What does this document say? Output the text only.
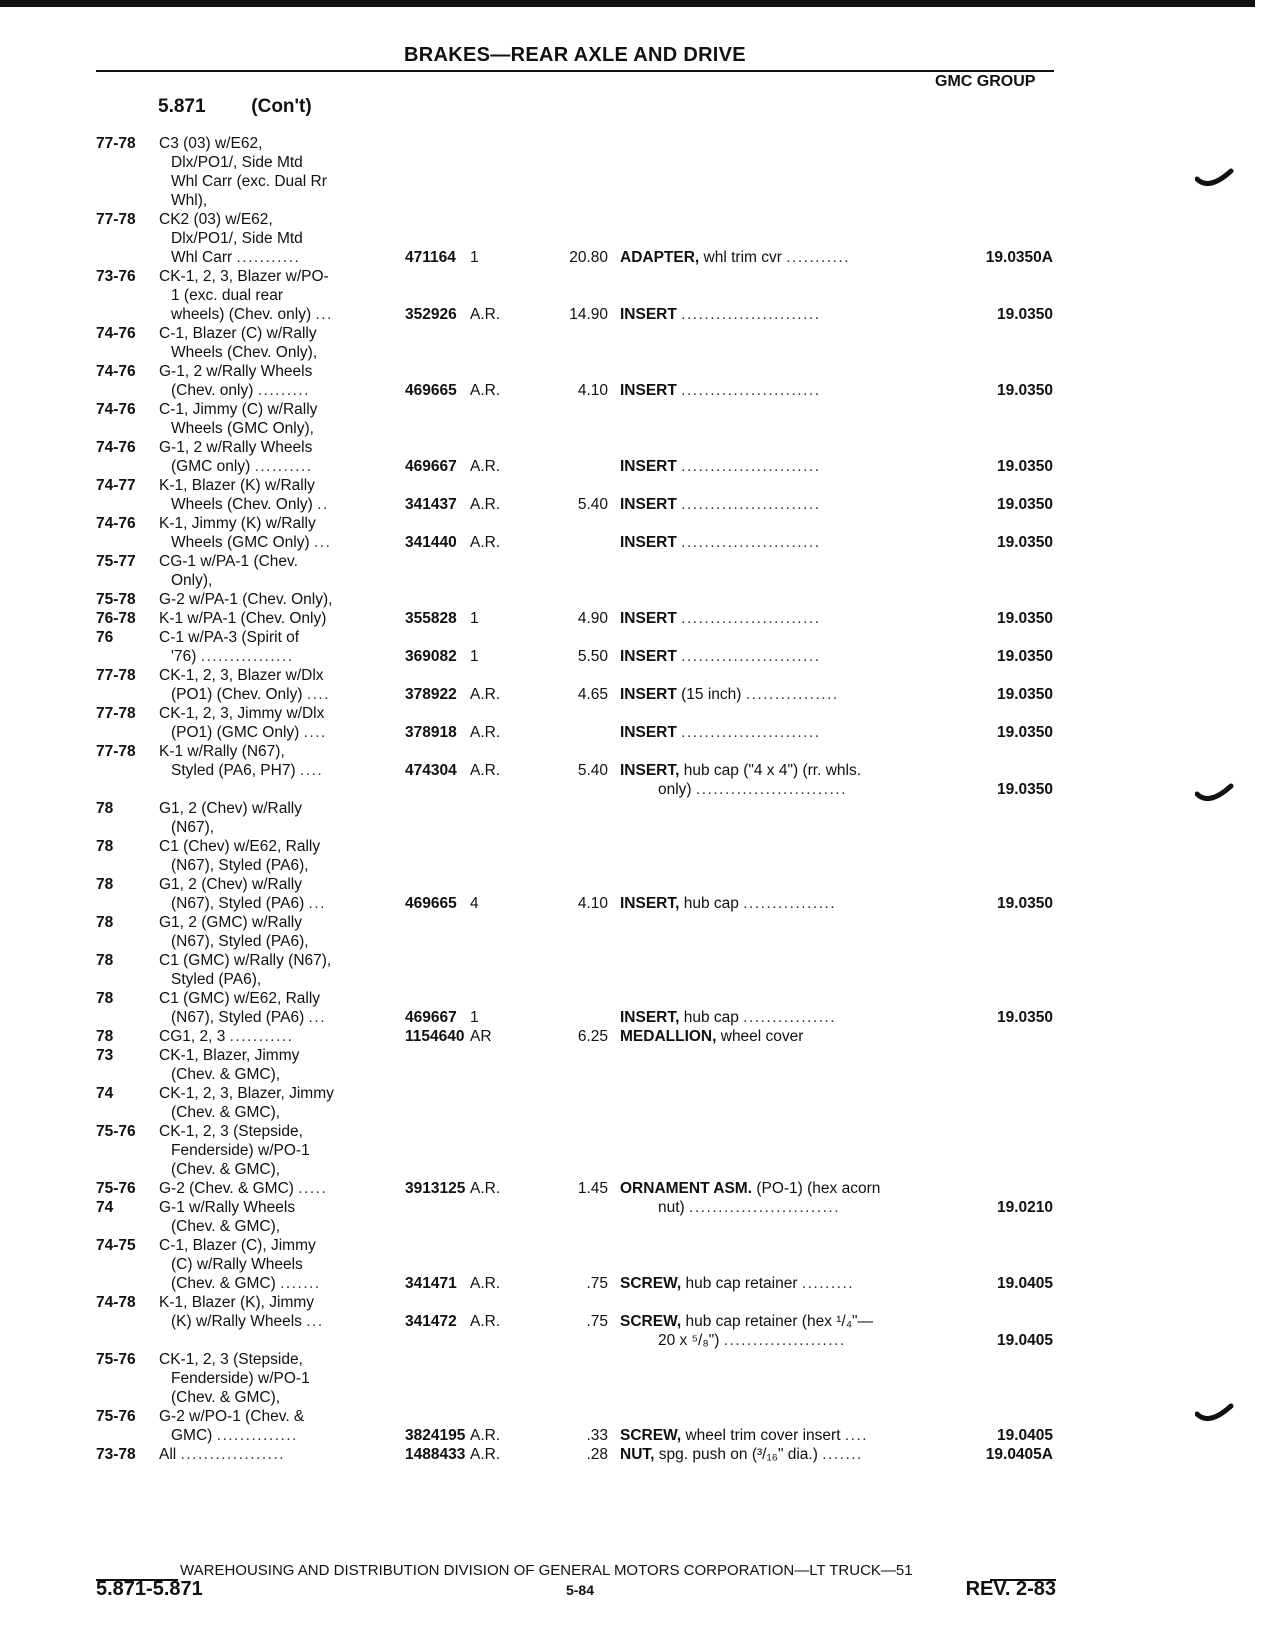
BRAKES—REAR AXLE AND DRIVE
GMC GROUP
5.871 (Con't)
77-78 C3 (03) w/E62,
Dlx/PO1/, Side Mtd
Whl Carr (exc. Dual Rr
Whl),
77-78 CK2 (03) w/E62,
Dlx/PO1/, Side Mtd
Whl Carr ...........	471164 1	20.80 ADAPTER, whl trim cvr ...........	19.0350A
73-76 CK-1, 2, 3, Blazer w/PO-
1 (exc. dual rear
wheels) (Chev. only) ...	352926 A.R.	14.90 INSERT ........................	19.0350
74-76 C-1, Blazer (C) w/Rally
Wheels (Chev. Only),
74-76 G-1, 2 w/Rally Wheels
(Chev. only) .........	469665 A.R.	4.10 INSERT ........................	19.0350
74-76 C-1, Jimmy (C) w/Rally
Wheels (GMC Only),
74-76 G-1, 2 w/Rally Wheels
(GMC only) ..........	469667 A.R.	INSERT ........................	19.0350
74-77 K-1, Blazer (K) w/Rally
Wheels (Chev. Only) ..	341437 A.R.	5.40 INSERT ........................	19.0350
74-76 K-1, Jimmy (K) w/Rally
Wheels (GMC Only) ...	341440 A.R.	INSERT ........................	19.0350
75-77 CG-1 w/PA-1 (Chev.
Only),
75-78 G-2 w/PA-1 (Chev. Only),
76-78 K-1 w/PA-1 (Chev. Only)	355828 1	4.90 INSERT ........................	19.0350
76	C-1 w/PA-3 (Spirit of
'76) ................	369082 1	5.50 INSERT ........................	19.0350
77-78 CK-1, 2, 3, Blazer w/Dlx
(PO1) (Chev. Only) ....	378922 A.R.	4.65 INSERT (15 inch) ................	19.0350
77-78 CK-1, 2, 3, Jimmy w/Dlx
(PO1) (GMC Only) ....	378918 A.R.	INSERT ........................	19.0350
77-78 K-1 w/Rally (N67),
Styled (PA6, PH7) ....	474304 A.R.	5.40 INSERT, hub cap ("4 x 4") (rr. whls.
only) ..........................	19.0350
78	G1, 2 (Chev) w/Rally
(N67),
78	C1 (Chev) w/E62, Rally
(N67), Styled (PA6),
78	G1, 2 (Chev) w/Rally
(N67), Styled (PA6) ...	469665 4	4.10 INSERT, hub cap ................	19.0350
78	G1, 2 (GMC) w/Rally
(N67), Styled (PA6),
78	C1 (GMC) w/Rally (N67),
Styled (PA6),
78	C1 (GMC) w/E62, Rally
(N67), Styled (PA6) ...	469667 1	INSERT, hub cap ................	19.0350
78	CG1, 2, 3 ...........	1154640 AR	6.25 MEDALLION, wheel cover
73	CK-1, Blazer, Jimmy
(Chev. & GMC),
74	CK-1, 2, 3, Blazer, Jimmy
(Chev. & GMC),
75-76 CK-1, 2, 3 (Stepside,
Fenderside) w/PO-1
(Chev. & GMC),
75-76 G-2 (Chev. & GMC) .....	3913125 A.R.	1.45 ORNAMENT ASM. (PO-1) (hex acorn
nut) ..........................	19.0210
74	G-1 w/Rally Wheels
(Chev. & GMC),
74-75 C-1, Blazer (C), Jimmy
(C) w/Rally Wheels
(Chev. & GMC) .......	341471 A.R.	.75 SCREW, hub cap retainer .........	19.0405
74-78 K-1, Blazer (K), Jimmy
(K) w/Rally Wheels ...	341472 A.R.	.75 SCREW, hub cap retainer (hex ¹/₄"—
20 x ⁵/₈") .....................	19.0405
75-76 CK-1, 2, 3 (Stepside,
Fenderside) w/PO-1
(Chev. & GMC),
75-76 G-2 w/PO-1 (Chev. &
GMC) ..............	3824195 A.R.	.33 SCREW, wheel trim cover insert ....	19.0405
73-78 All ..................	1488433 A.R.	.28 NUT, spg. push on (³/₁₆" dia.) .......	19.0405A
WAREHOUSING AND DISTRIBUTION DIVISION OF GENERAL MOTORS CORPORATION—LT TRUCK—51
5.871-5.871	5-84	REV. 2-83
